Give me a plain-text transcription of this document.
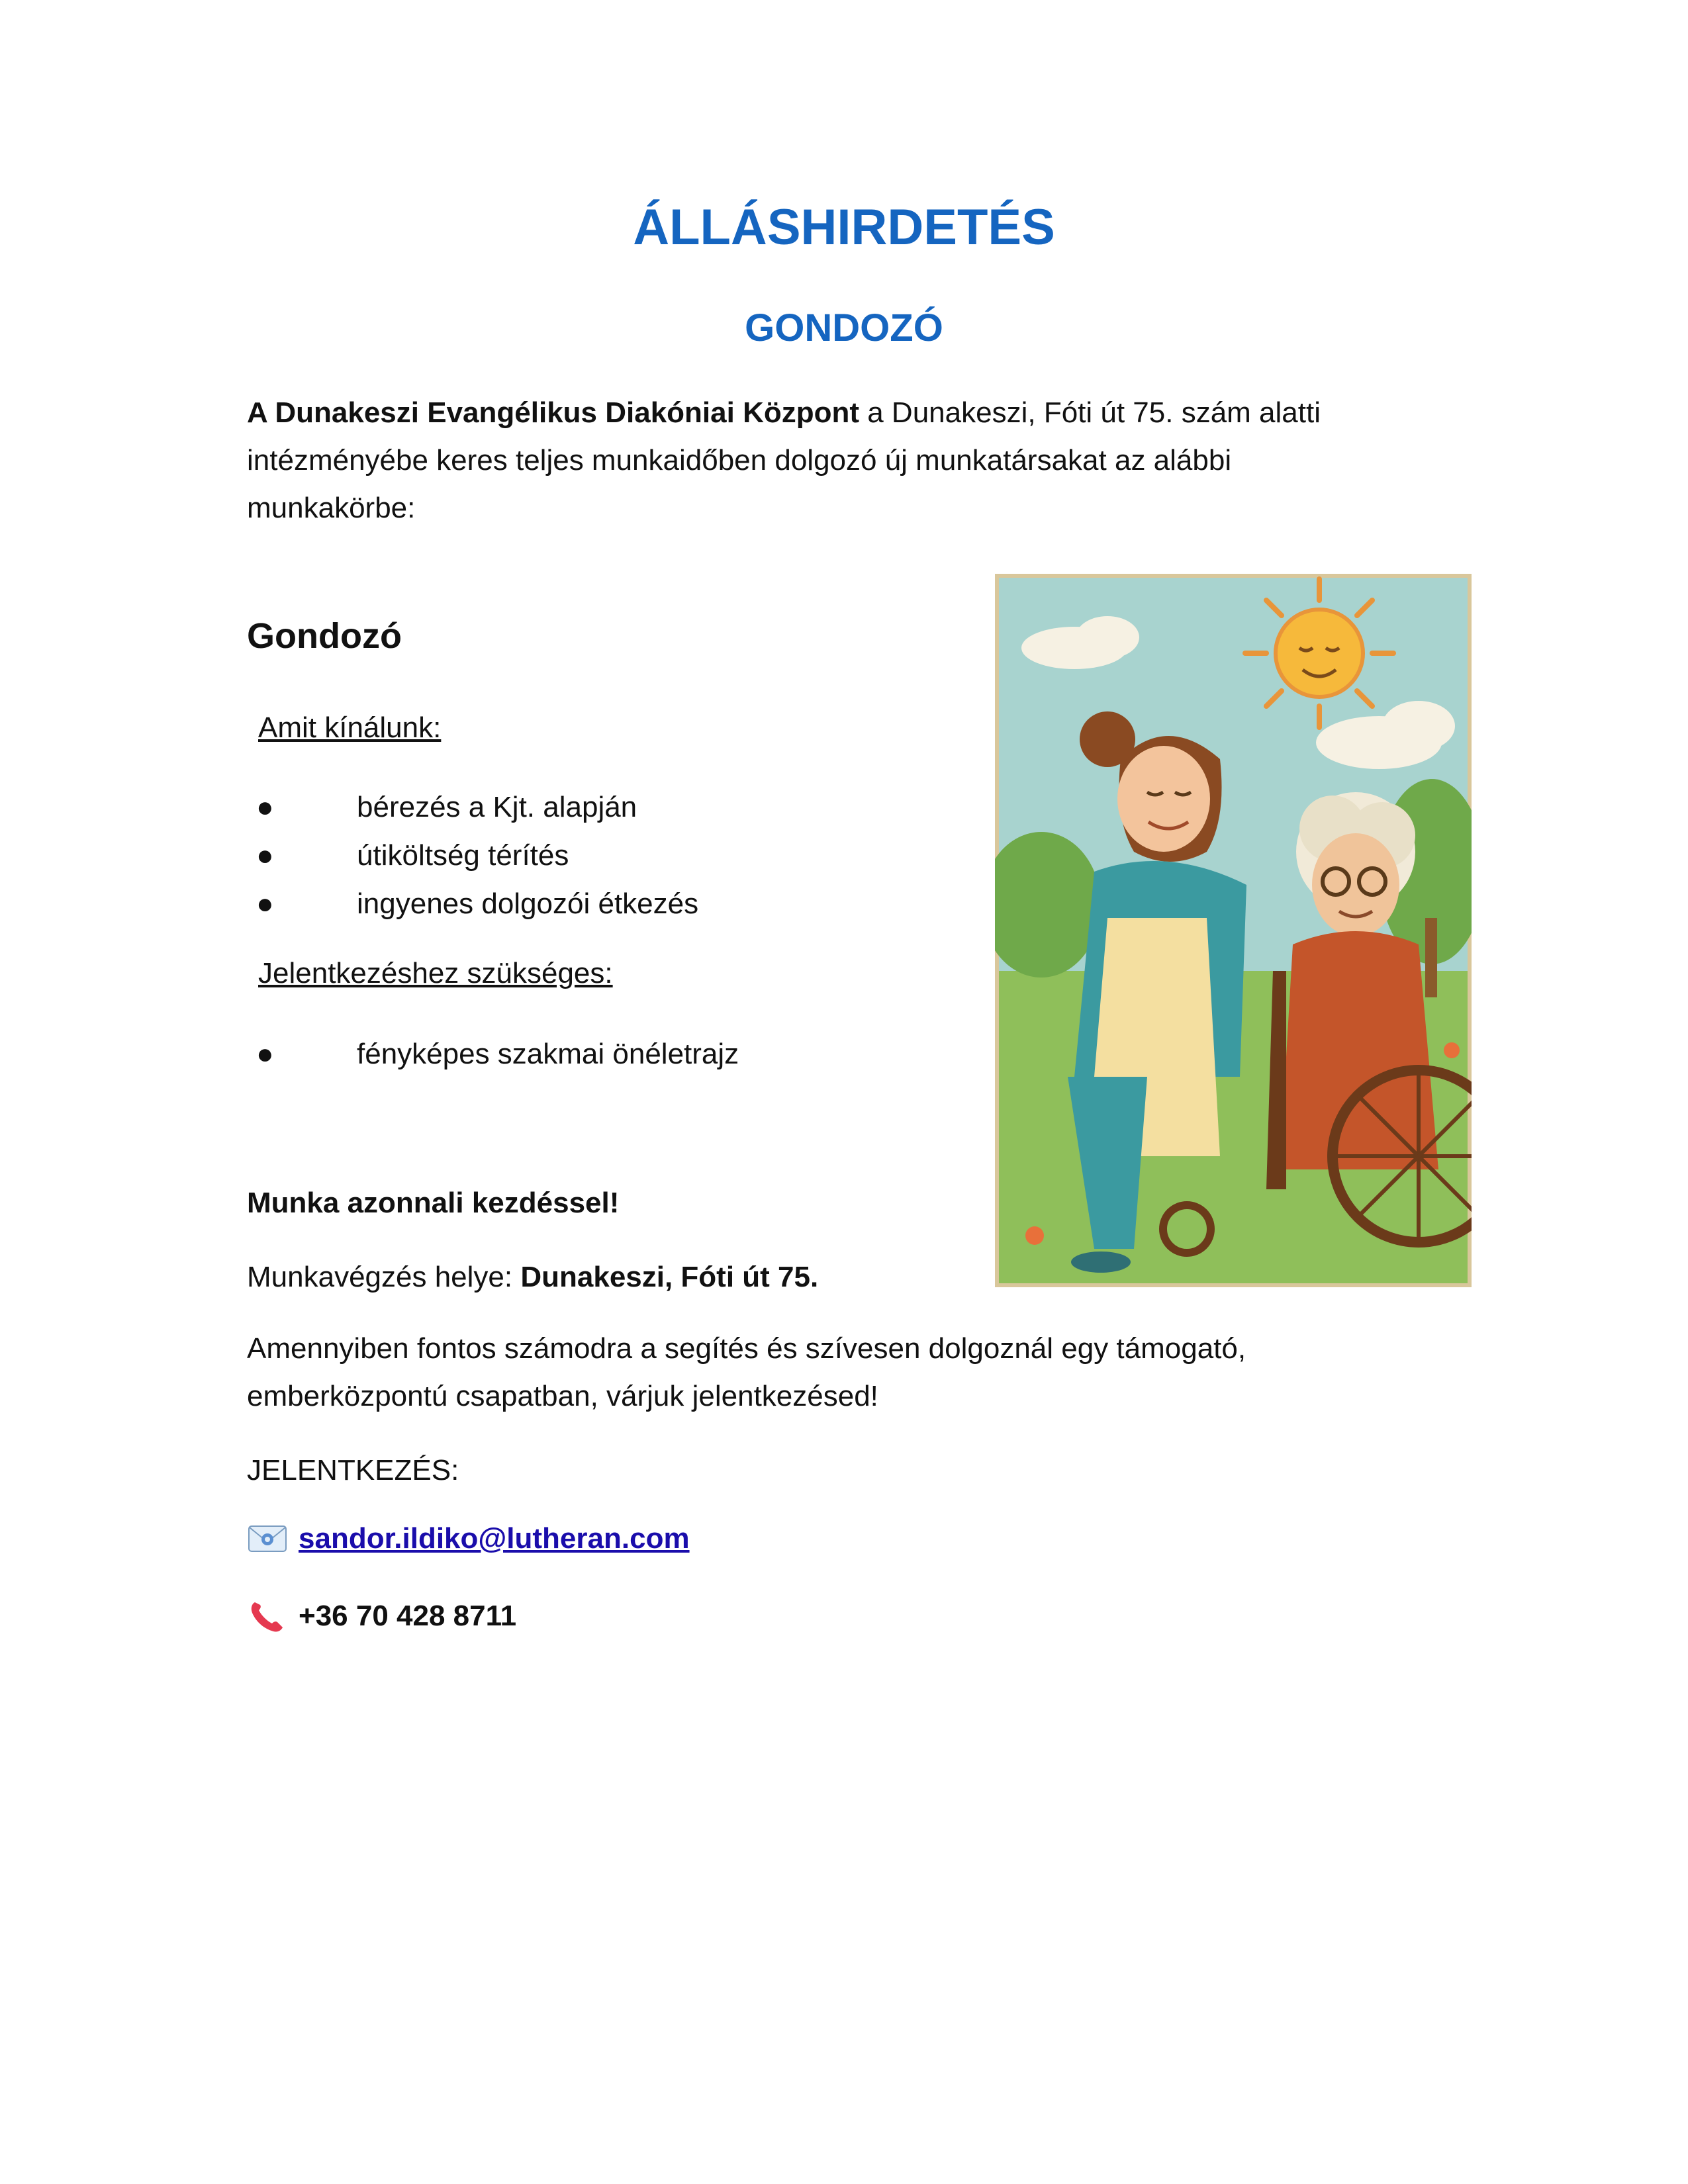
ÁLLÁSHIRDETÉS
GONDOZÓ

A Dunakeszi Evangélikus Diakóniai Központ a Dunakeszi, Fóti út 75. szám alatti intézményébe keres teljes munkaidőben dolgozó új munkatársakat az alábbi munkakörbe:

Gondozó

Amit kínálunk:

●	bérezés a Kjt. alapján
●	útiköltség térítés
●	ingyenes dolgozói étkezés

Jelentkezéshez szükséges:

●	fényképes szakmai önéletrajz

Munka azonnali kezdéssel!

Munkavégzés helye: Dunakeszi, Fóti út 75.

Amennyiben fontos számodra a segítés és szívesen dolgoznál egy támogató, emberközpontú csapatban, várjuk jelentkezésed!

JELENTKEZÉS:

sandor.ildiko@lutheran.com
+36 70 428 8711
